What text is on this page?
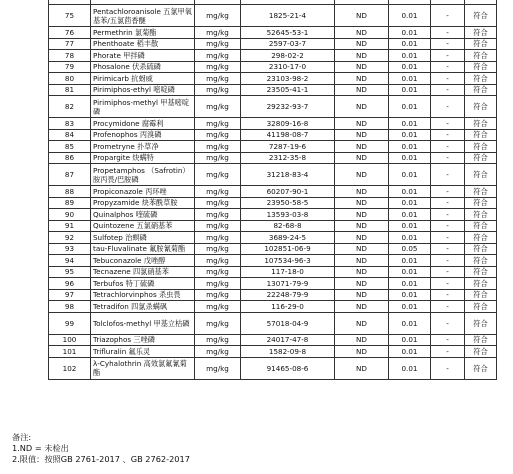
75	Pentachloroanisole 五氯甲氧基苯/五氯茴香醚	mg/kg	1825-21-4	ND	0.01	-	符合
76	Permethrin 氯菊酯	mg/kg	52645-53-1	ND	0.01	-	符合
77	Phenthoate 稻丰散	mg/kg	2597-03-7	ND	0.01	-	符合
78	Phorate 甲拌磷	mg/kg	298-02-2	ND	0.01	-	符合
79	Phosalone 伏杀硫磷	mg/kg	2310-17-0	ND	0.01	-	符合
80	Pirimicarb 抗蚜威	mg/kg	23103-98-2	ND	0.01	-	符合
81	Pirimiphos-ethyl 嘧啶磷	mg/kg	23505-41-1	ND	0.01	-	符合
82	Pirimiphos-methyl 甲基嘧啶磷	mg/kg	29232-93-7	ND	0.01	-	符合
83	Procymidone 腐霉利	mg/kg	32809-16-8	ND	0.01	-	符合
84	Profenophos 丙溴磷	mg/kg	41198-08-7	ND	0.01	-	符合
85	Prometryne 扑草净	mg/kg	7287-19-6	ND	0.01	-	符合
86	Propargite 炔螨特	mg/kg	2312-35-8	ND	0.01	-	符合
87	Propetamphos （Safrotin）胺丙畏/巴胺磷	mg/kg	31218-83-4	ND	0.01	-	符合
88	Propiconazole 丙环唑	mg/kg	60207-90-1	ND	0.01	-	符合
89	Propyzamide 炔苯酰草胺	mg/kg	23950-58-5	ND	0.01	-	符合
90	Quinalphos 喹硫磷	mg/kg	13593-03-8	ND	0.01	-	符合
91	Quintozene 五氯硝基苯	mg/kg	82-68-8	ND	0.01	-	符合
92	Sulfotep 治螟磷	mg/kg	3689-24-5	ND	0.01	-	符合
93	tau-Fluvalinate 氟胺氰菊酯	mg/kg	102851-06-9	ND	0.05	-	符合
94	Tebuconazole 戊唑醇	mg/kg	107534-96-3	ND	0.01	-	符合
95	Tecnazene 四氯硝基苯	mg/kg	117-18-0	ND	0.01	-	符合
96	Terbufos 特丁硫磷	mg/kg	13071-79-9	ND	0.01	-	符合
97	Tetrachlorvinphos 杀虫畏	mg/kg	22248-79-9	ND	0.01	-	符合
98	Tetradifon 四氯杀螨砜	mg/kg	116-29-0	ND	0.01	-	符合
99	Tolclofos-methyl 甲基立枯磷	mg/kg	57018-04-9	ND	0.01	-	符合
100	Triazophos 三唑磷	mg/kg	24017-47-8	ND	0.01	-	符合
101	Trifluralin 氟乐灵	mg/kg	1582-09-8	ND	0.01	-	符合
102	λ-Cyhalothrin 高效氯氟氰菊酯	mg/kg	91465-08-6	ND	0.01	-	符合
备注:
1.ND = 未检出
2.限值：按照GB 2761-2017 、GB 2762-2017
